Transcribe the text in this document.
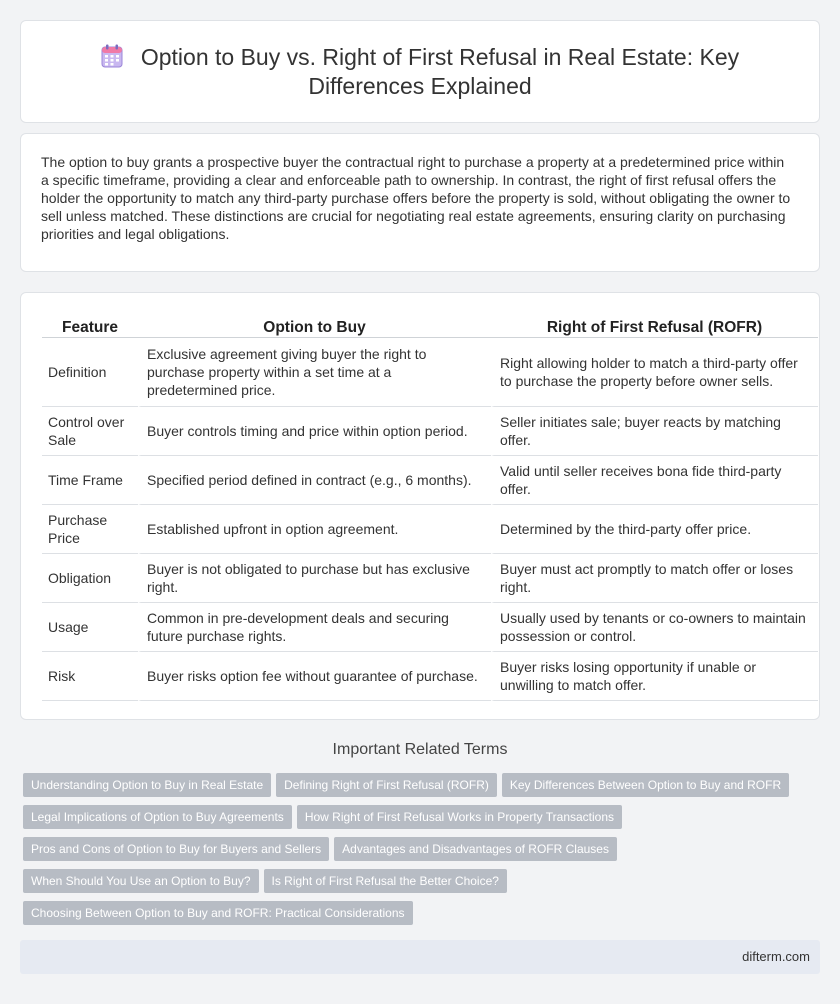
Option to Buy vs. Right of First Refusal in Real Estate: Key Differences Explained

The option to buy grants a prospective buyer the contractual right to purchase a property at a predetermined price within a specific timeframe, providing a clear and enforceable path to ownership. In contrast, the right of first refusal offers the holder the opportunity to match any third-party purchase offers before the property is sold, without obligating the owner to sell unless matched. These distinctions are crucial for negotiating real estate agreements, ensuring clarity on purchasing priorities and legal obligations.

Feature	Option to Buy	Right of First Refusal (ROFR)
Definition	Exclusive agreement giving buyer the right to purchase property within a set time at a predetermined price.	Right allowing holder to match a third-party offer to purchase the property before owner sells.
Control over Sale	Buyer controls timing and price within option period.	Seller initiates sale; buyer reacts by matching offer.
Time Frame	Specified period defined in contract (e.g., 6 months).	Valid until seller receives bona fide third-party offer.
Purchase Price	Established upfront in option agreement.	Determined by the third-party offer price.
Obligation	Buyer is not obligated to purchase but has exclusive right.	Buyer must act promptly to match offer or loses right.
Usage	Common in pre-development deals and securing future purchase rights.	Usually used by tenants or co-owners to maintain possession or control.
Risk	Buyer risks option fee without guarantee of purchase.	Buyer risks losing opportunity if unable or unwilling to match offer.
Important Related Terms
Understanding Option to Buy in Real Estate Defining Right of First Refusal (ROFR) Key Differences Between Option to Buy and ROFR
Legal Implications of Option to Buy Agreements How Right of First Refusal Works in Property Transactions
Pros and Cons of Option to Buy for Buyers and Sellers Advantages and Disadvantages of ROFR Clauses
When Should You Use an Option to Buy? Is Right of First Refusal the Better Choice?
Choosing Between Option to Buy and ROFR: Practical Considerations
difterm.com
